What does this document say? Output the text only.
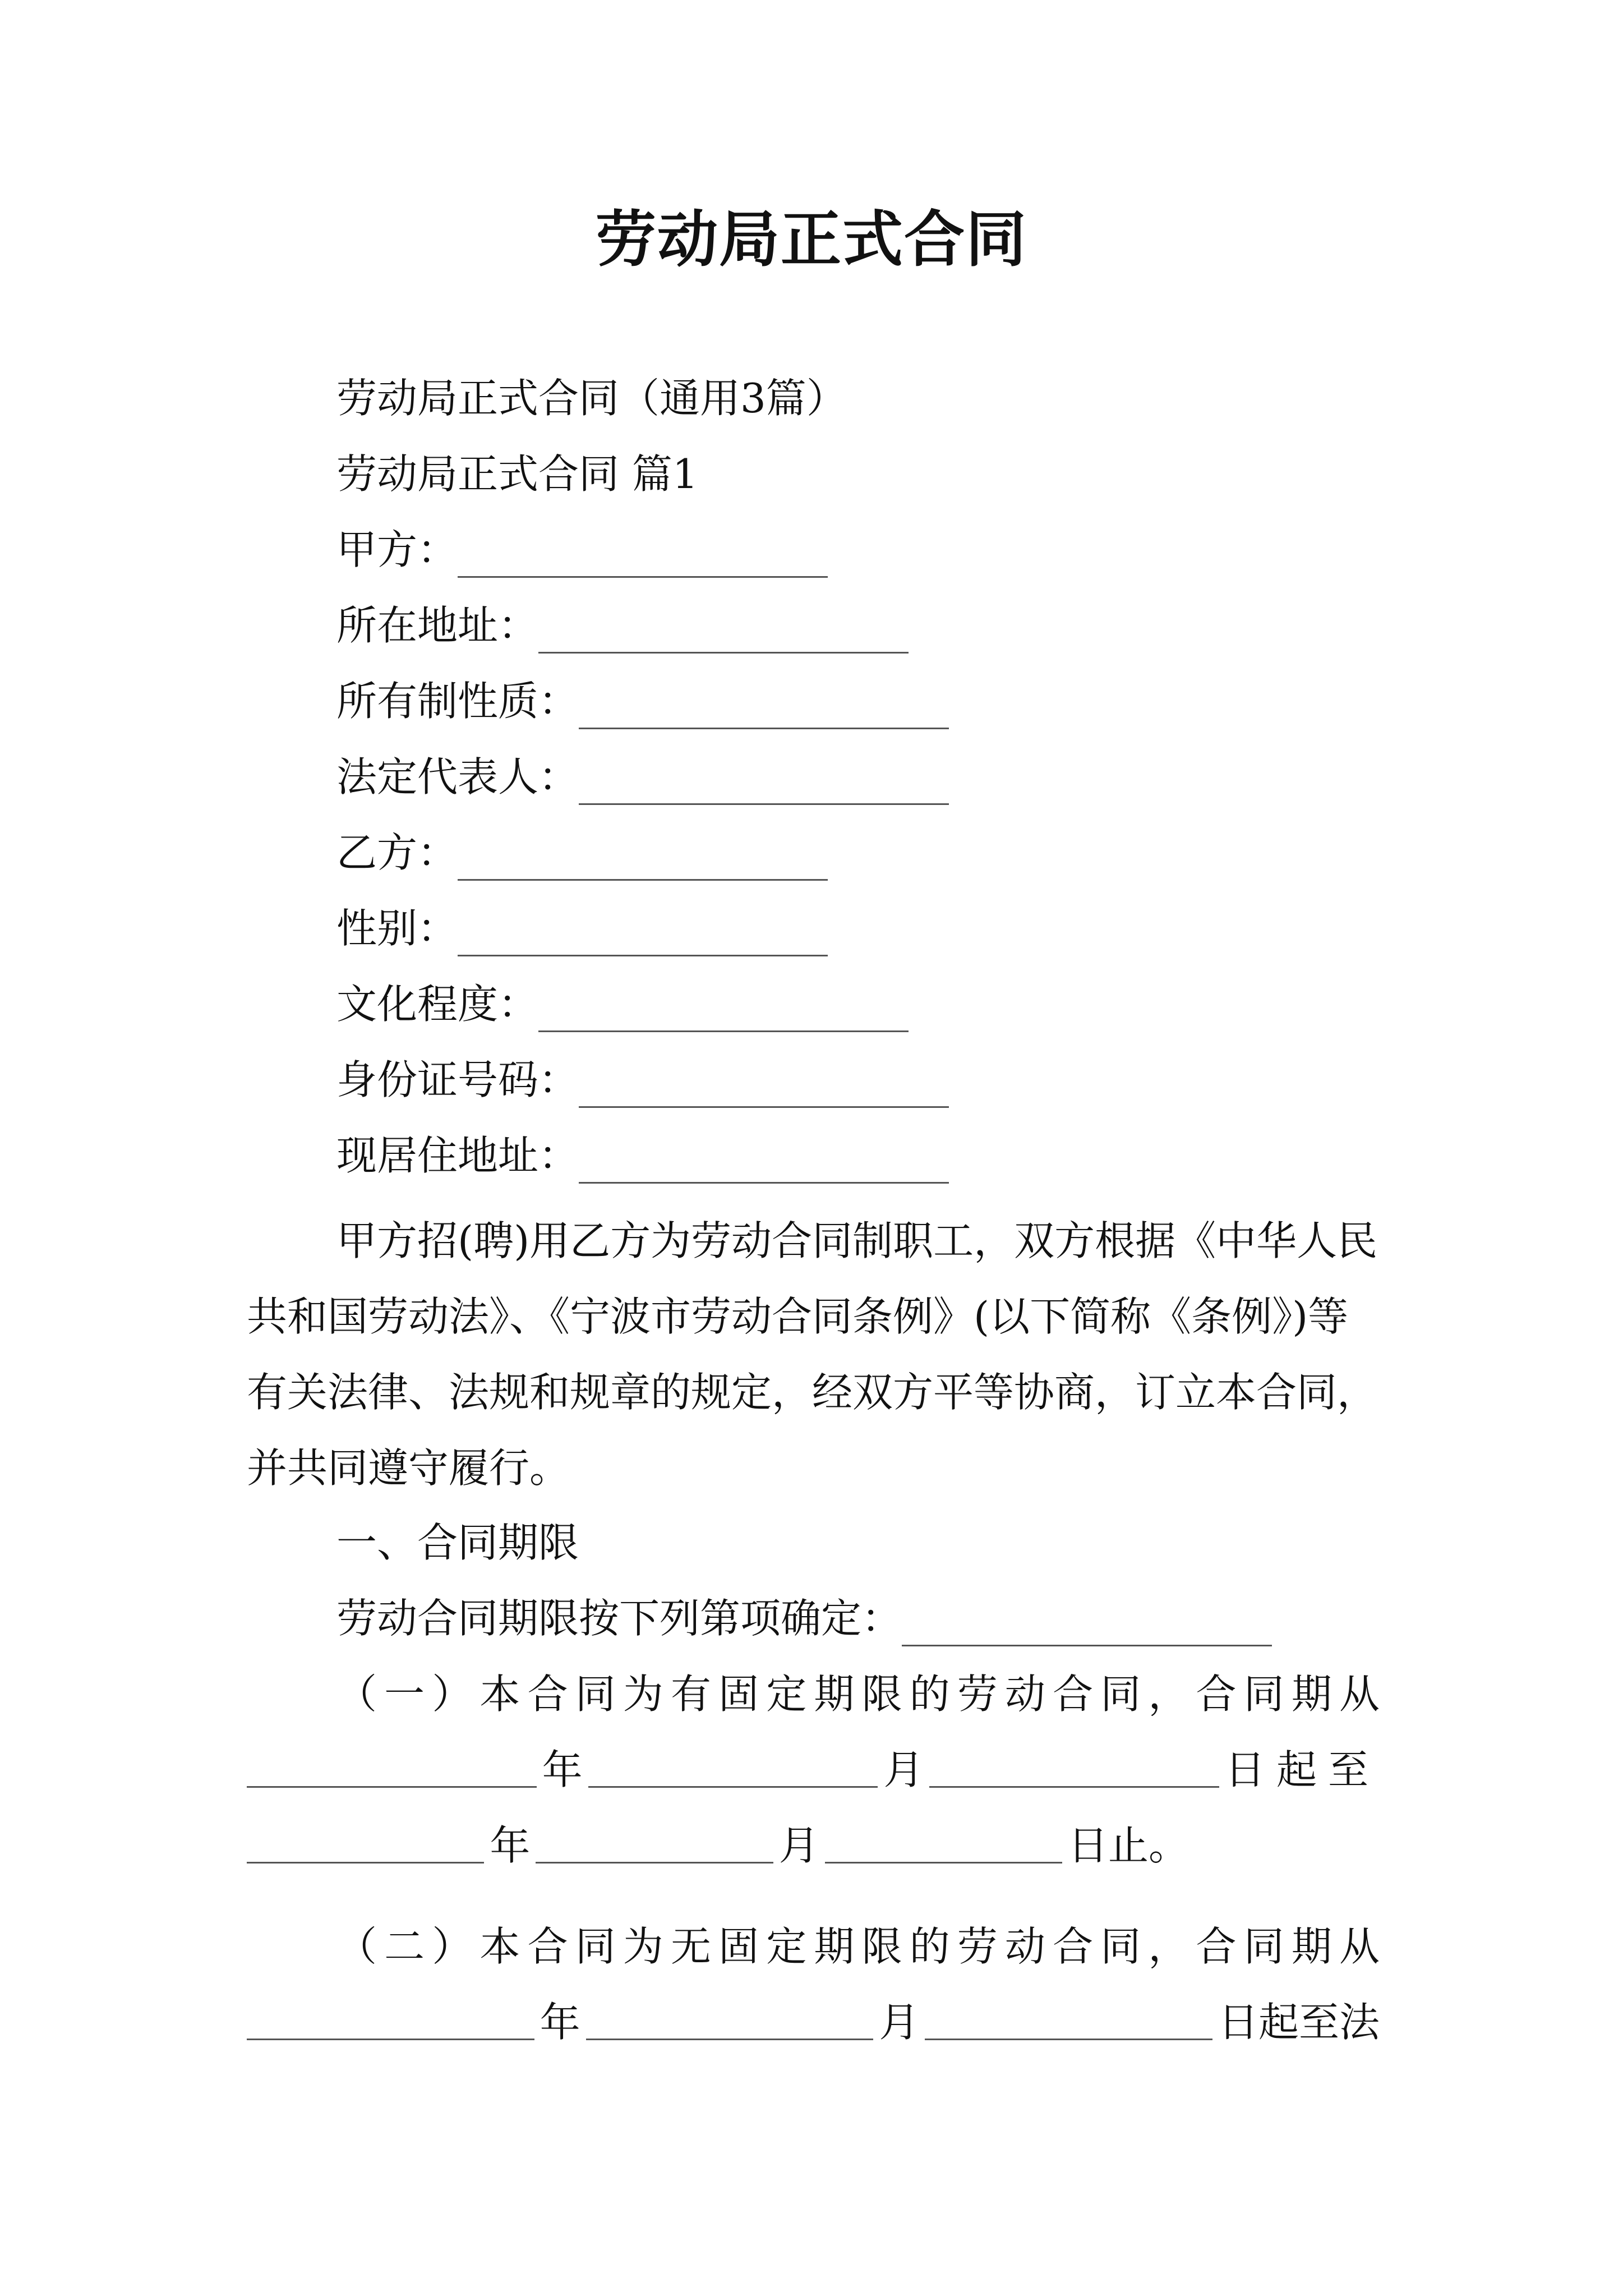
劳动局正式合同
劳动局正式合同（通用3篇）
劳动局正式合同 篇1
甲方：
所在地址：
所有制性质：
法定代表人：
乙方：
性别：
文化程度：
身份证号码：
现居住地址：
甲方招(聘)用乙方为劳动合同制职工，双方根据《中华人民共和国劳动法》、《宁波市劳动合同条例》(以下简称《条例》)等有关法律、法规和规章的规定，经双方平等协商，订立本合同，并共同遵守履行。
一、合同期限
劳动合同期限按下列第项确定：
（一）本合同为有固定期限的劳动合同，合同期从
年	月	日起至
年	月	日止。
（二）本合同为无固定期限的劳动合同，合同期从
年	月	日起至法
